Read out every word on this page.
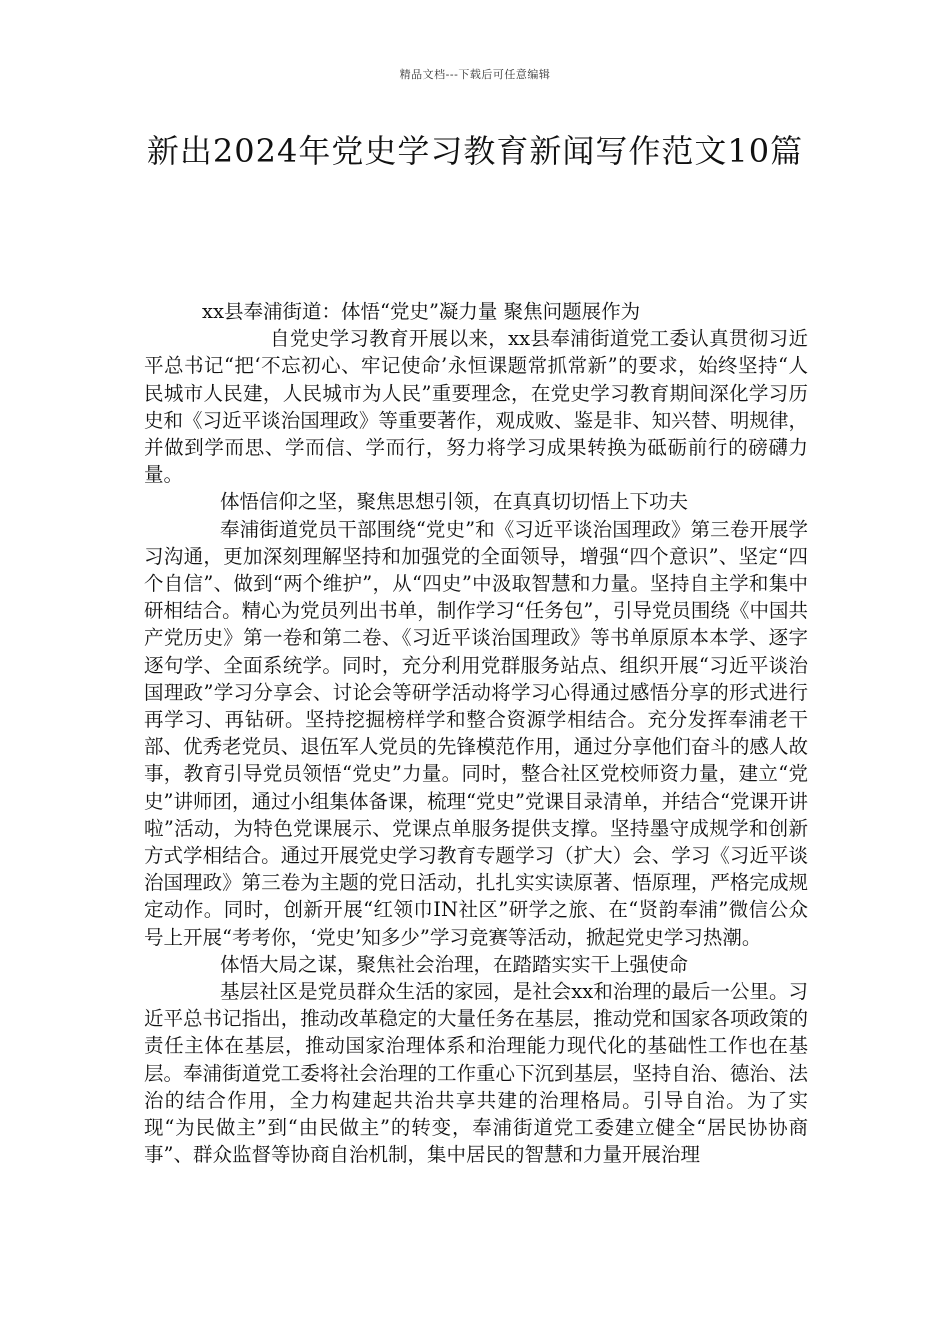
精品文档---下载后可任意编辑
新出2024年党史学习教育新闻写作范文10篇

xx县奉浦街道：体悟“党史”凝力量 聚焦问题展作为

自党史学习教育开展以来，xx县奉浦街道党工委认真贯彻习近平总书记“把‘不忘初心、牢记使命’永恒课题常抓常新”的要求，始终坚持“人民城市人民建，人民城市为人民”重要理念，在党史学习教育期间深化学习历史和《习近平谈治国理政》等重要著作，观成败、鉴是非、知兴替、明规律，并做到学而思、学而信、学而行，努力将学习成果转换为砥砺前行的磅礴力量。

体悟信仰之坚，聚焦思想引领，在真真切切悟上下功夫

奉浦街道党员干部围绕“党史”和《习近平谈治国理政》第三卷开展学习沟通，更加深刻理解坚持和加强党的全面领导，增强“四个意识”、坚定“四个自信”、做到“两个维护”，从“四史”中汲取智慧和力量。坚持自主学和集中研相结合。精心为党员列出书单，制作学习“任务包”，引导党员围绕《中国共产党历史》第一卷和第二卷、《习近平谈治国理政》等书单原原本本学、逐字逐句学、全面系统学。同时，充分利用党群服务站点、组织开展“习近平谈治国理政”学习分享会、讨论会等研学活动将学习心得通过感悟分享的形式进行再学习、再钻研。坚持挖掘榜样学和整合资源学相结合。充分发挥奉浦老干部、优秀老党员、退伍军人党员的先锋模范作用，通过分享他们奋斗的感人故事，教育引导党员领悟“党史”力量。同时，整合社区党校师资力量，建立“党史”讲师团，通过小组集体备课，梳理“党史”党课目录清单，并结合“党课开讲啦”活动，为特色党课展示、党课点单服务提供支撑。坚持墨守成规学和创新方式学相结合。通过开展党史学习教育专题学习（扩大）会、学习《习近平谈治国理政》第三卷为主题的党日活动，扎扎实实读原著、悟原理，严格完成规定动作。同时，创新开展“红领巾IN社区”研学之旅、在“贤韵奉浦”微信公众号上开展“考考你，‘党史’知多少”学习竞赛等活动，掀起党史学习热潮。

体悟大局之谋，聚焦社会治理，在踏踏实实干上强使命

基层社区是党员群众生活的家园，是社会xx和治理的最后一公里。习近平总书记指出，推动改革稳定的大量任务在基层，推动党和国家各项政策的责任主体在基层，推动国家治理体系和治理能力现代化的基础性工作也在基层。奉浦街道党工委将社会治理的工作重心下沉到基层，坚持自治、德治、法治的结合作用，全力构建起共治共享共建的治理格局。引导自治。为了实现“为民做主”到“由民做主”的转变，奉浦街道党工委建立健全“居民协协商事”、群众监督等协商自治机制，集中居民的智慧和力量开展治理
